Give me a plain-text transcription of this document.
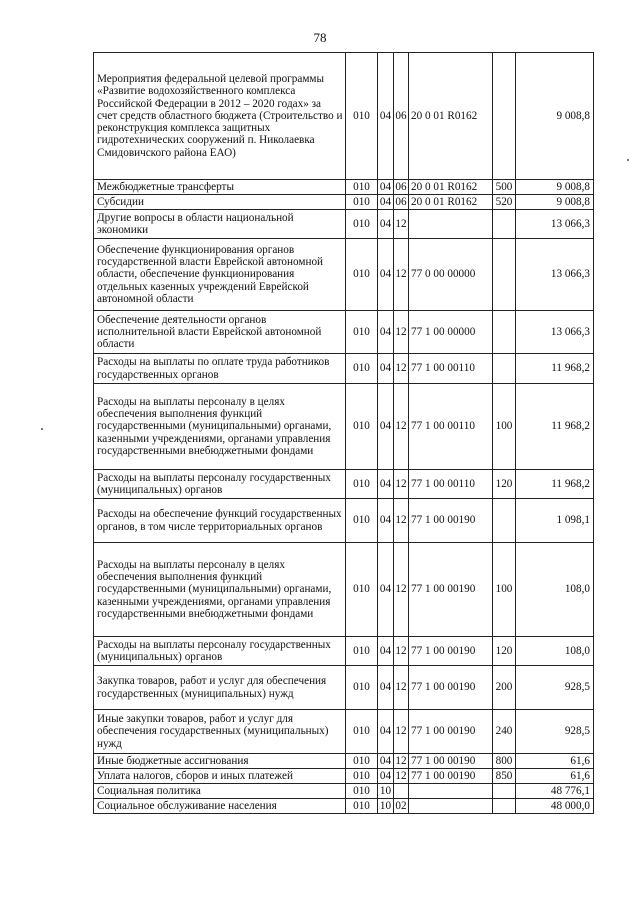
78
Мероприятия федеральной целевой программы «Развитие водохозяйственного комплекса Российской Федерации в 2012 – 2020 годах» за счет средств областного бюджета (Строительство и реконструкция комплекса защитных гидротехнических сооружений п. Николаевка Смидовичского района ЕАО)	010	04	06	20 0 01 R0162		9 008,8
Межбюджетные трансферты	010	04	06	20 0 01 R0162	500	9 008,8
Субсидии	010	04	06	20 0 01 R0162	520	9 008,8
Другие вопросы в области национальной экономики	010	04	12			13 066,3
Обеспечение функционирования органов государственной власти Еврейской автономной области, обеспечение функционирования отдельных казенных учреждений Еврейской автономной области	010	04	12	77 0 00 00000		13 066,3
Обеспечение деятельности органов исполнительной власти Еврейской автономной области	010	04	12	77 1 00 00000		13 066,3
Расходы на выплаты по оплате труда работников государственных органов	010	04	12	77 1 00 00110		11 968,2
Расходы на выплаты персоналу в целях обеспечения выполнения функций государственными (муниципальными) органами, казенными учреждениями, органами управления государственными внебюджетными фондами	010	04	12	77 1 00 00110	100	11 968,2
Расходы на выплаты персоналу государственных (муниципальных) органов	010	04	12	77 1 00 00110	120	11 968,2
Расходы на обеспечение функций государственных органов, в том числе территориальных органов	010	04	12	77 1 00 00190		1 098,1
Расходы на выплаты персоналу в целях обеспечения выполнения функций государственными (муниципальными) органами, казенными учреждениями, органами управления государственными внебюджетными фондами	010	04	12	77 1 00 00190	100	108,0
Расходы на выплаты персоналу государственных (муниципальных) органов	010	04	12	77 1 00 00190	120	108,0
Закупка товаров, работ и услуг для обеспечения государственных (муниципальных) нужд	010	04	12	77 1 00 00190	200	928,5
Иные закупки товаров, работ и услуг для обеспечения государственных (муниципальных) нужд	010	04	12	77 1 00 00190	240	928,5
Иные бюджетные ассигнования	010	04	12	77 1 00 00190	800	61,6
Уплата налогов, сборов и иных платежей	010	04	12	77 1 00 00190	850	61,6
Социальная политика	010	10				48 776,1
Социальное обслуживание населения	010	10	02			48 000,0
